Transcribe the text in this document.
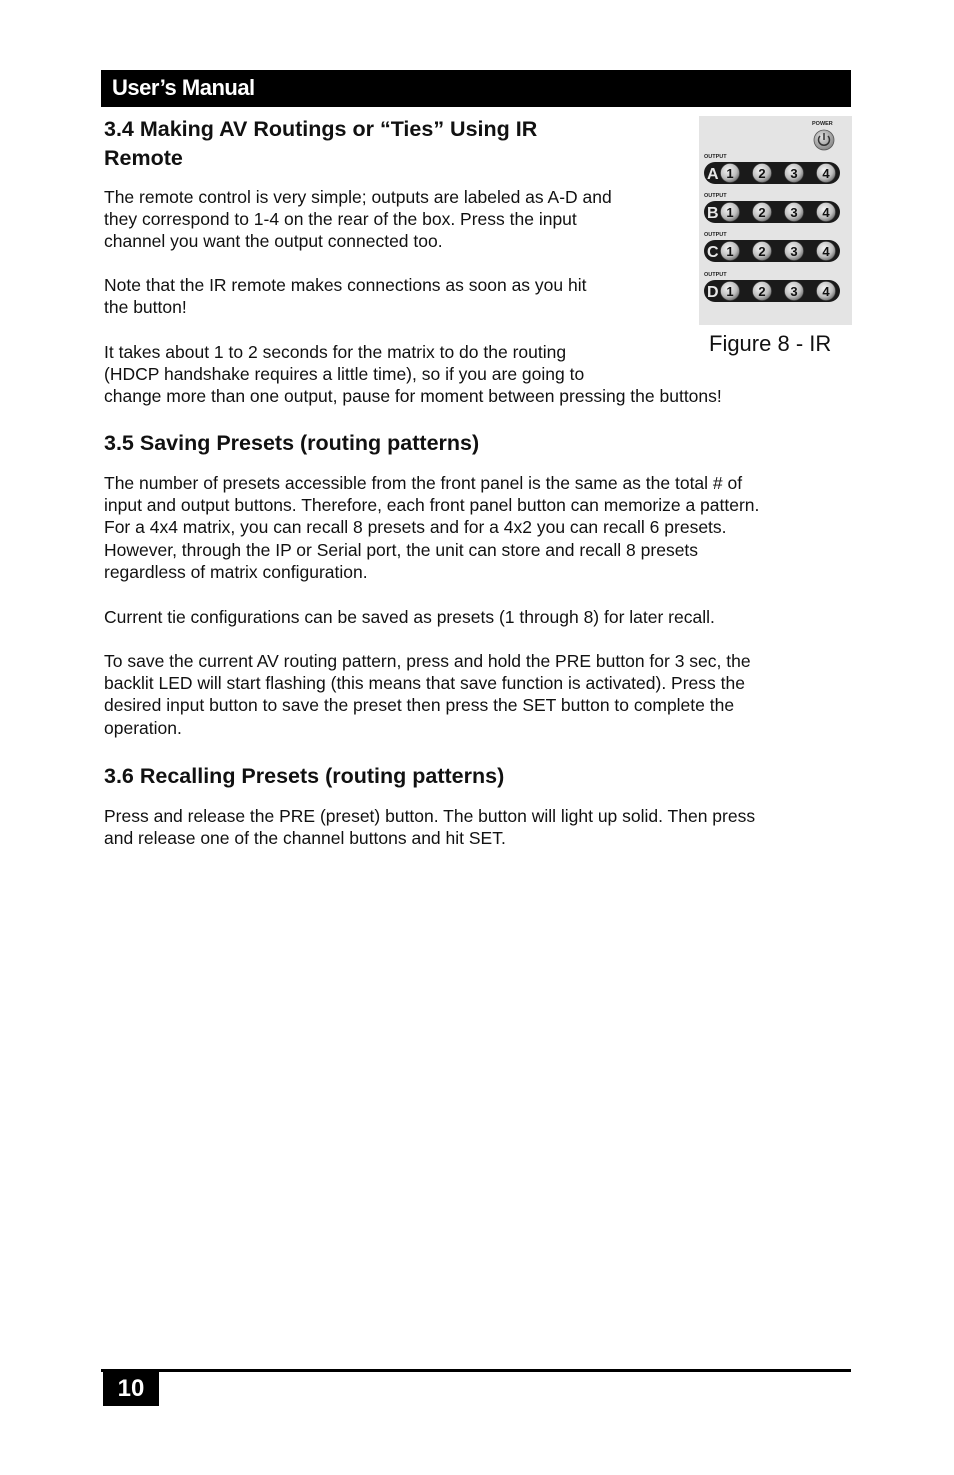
User’s Manual
3.4 Making AV Routings or “Ties” Using IR
Remote
The remote control is very simple; outputs are labeled as A-D and
they correspond to 1-4 on the rear of the box. Press the input
channel you want the output connected too.
Note that the IR remote makes connections as soon as you hit
the button!
It takes about 1 to 2 seconds for the matrix to do the routing
(HDCP handshake requires a little time), so if you are going to
change more than one output, pause for moment between pressing the buttons!
POWER
OUTPUT
A 1 2 3 4
OUTPUT
B 1 2 3 4
OUTPUT
C 1 2 3 4
OUTPUT
D 1 2 3 4
Figure 8 - IR
3.5 Saving Presets (routing patterns)
The number of presets accessible from the front panel is the same as the total # of
input and output buttons. Therefore, each front panel button can memorize a pattern.
For a 4x4 matrix, you can recall 8 presets and for a 4x2 you can recall 6 presets.
However, through the IP or Serial port, the unit can store and recall 8 presets
regardless of matrix configuration.
Current tie configurations can be saved as presets (1 through 8) for later recall.
To save the current AV routing pattern, press and hold the PRE button for 3 sec, the
backlit LED will start flashing (this means that save function is activated). Press the
desired input button to save the preset then press the SET button to complete the
operation.
3.6 Recalling Presets (routing patterns)
Press and release the PRE (preset) button. The button will light up solid. Then press
and release one of the channel buttons and hit SET.
10
